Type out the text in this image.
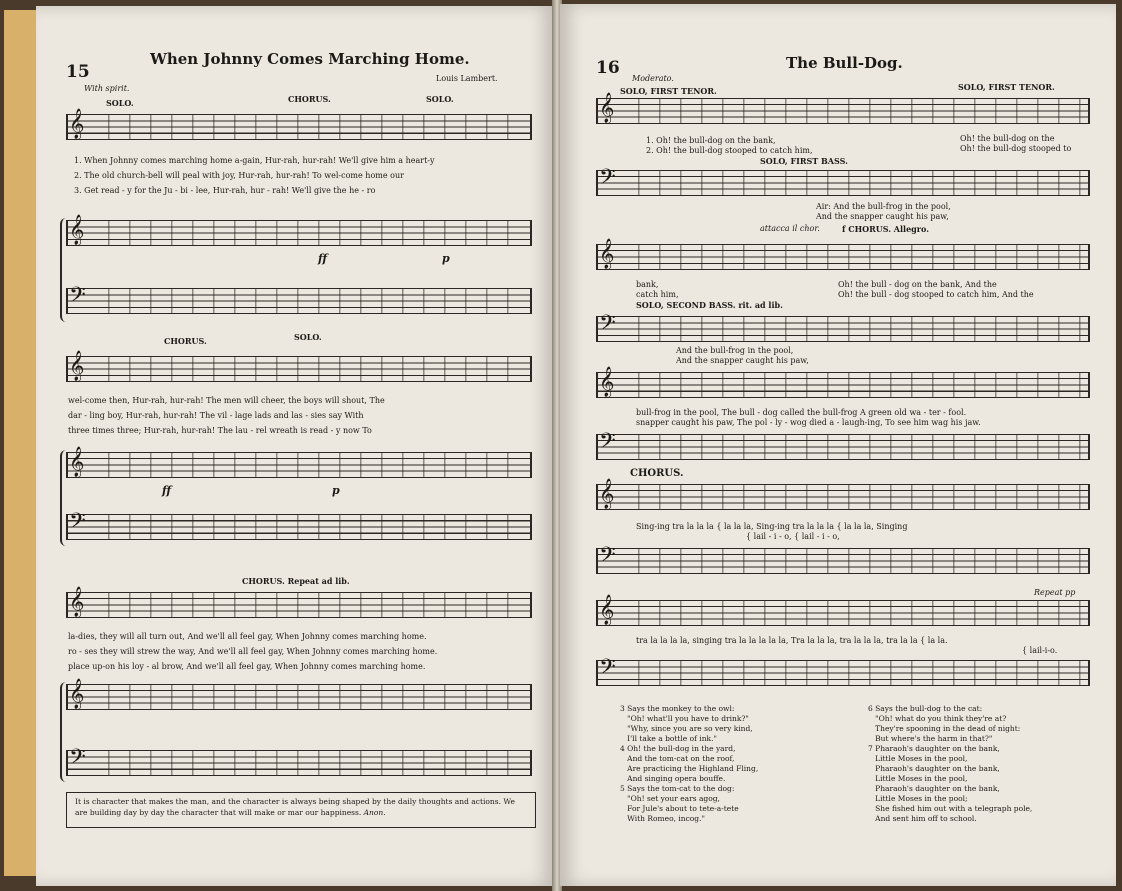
15
When Johnny Comes Marching Home.
Louis Lambert.
With spirit.
SOLO.	CHORUS.	SOLO.
𝄞
1. When Johnny comes marching home a-gain, Hur-rah, hur-rah! We'll give him a heart-y
2. The old church-bell will peal with joy, Hur-rah, hur-rah! To wel-come home our
3. Get read - y for the Ju - bi - lee, Hur-rah, hur - rah! We'll give the he - ro
𝄞
ff	p
𝄢
CHORUS.	SOLO.
𝄞
wel-come then, Hur-rah, hur-rah! The men will cheer, the boys will shout, The
dar - ling boy, Hur-rah, hur-rah! The vil - lage lads and las - sies say With
three times three; Hur-rah, hur-rah! The lau - rel wreath is read - y now To
𝄞
ff	p
𝄢
CHORUS. Repeat ad lib.
𝄞
la-dies, they will all turn out, And we'll all feel gay, When Johnny comes marching home.
ro - ses they will strew the way, And we'll all feel gay, When Johnny comes marching home.
place up-on his loy - al brow, And we'll all feel gay, When Johnny comes marching home.
𝄞
𝄢
It is character that makes the man, and the character is always being shaped by the daily thoughts and actions. We are building day by day the character that will make or mar our happiness. Anon.
16	The Bull-Dog.
Moderato.
SOLO, FIRST TENOR.	SOLO, FIRST TENOR.
𝄞
1. Oh! the bull-dog on the bank,
2. Oh! the bull-dog stooped to catch him,
Oh! the bull-dog on the
Oh! the bull-dog stooped to
SOLO, FIRST BASS.
𝄢
Air: And the bull-frog in the pool,
And the snapper caught his paw,
attacca il chor.	f CHORUS. Allegro.
𝄞
bank,
catch him,
Oh! the bull - dog on the bank, And the
Oh! the bull - dog stooped to catch him, And the
SOLO, SECOND BASS. rit. ad lib.
𝄢
And the bull-frog in the pool,
And the snapper caught his paw,
𝄞
bull-frog in the pool, The bull - dog called the bull-frog A green old wa - ter - fool.
snapper caught his paw, The pol - ly - wog died a - laugh-ing, To see him wag his jaw.
𝄢
CHORUS.
𝄞
Sing-ing tra la la la { la la la, Sing-ing tra la la la { la la la, Singing
{ lail - i - o, { lail - i - o,
𝄢
Repeat pp
𝄞
tra la la la la, singing tra la la la la la, Tra la la la, tra la la la, tra la la { la la.
{ lail-i-o.
𝄢
3 Says the monkey to the owl:
"Oh! what'll you have to drink?"
"Why, since you are so very kind,
I'll take a bottle of ink."
4 Oh! the bull-dog in the yard,
And the tom-cat on the roof,
Are practicing the Highland Fling,
And singing opera bouffe.
5 Says the tom-cat to the dog:
"Oh! set your ears agog,
For Jule's about to tete-a-tete
With Romeo, incog."
6 Says the bull-dog to the cat:
"Oh! what do you think they're at?
They're spooning in the dead of night:
But where's the harm in that?"
7 Pharaoh's daughter on the bank,
Little Moses in the pool,
Pharaoh's daughter on the bank,
Little Moses in the pool,
Pharaoh's daughter on the bank,
Little Moses in the pool;
She fished him out with a telegraph pole,
And sent him off to school.
